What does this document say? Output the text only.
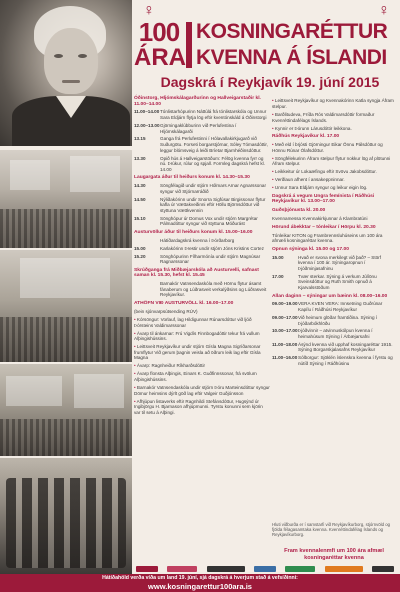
♀	♀
100
ÁRA
KOSNINGARÉTTUR
KVENNA Á ÍSLANDI
Dagskrá í Reykjavík 19. júní 2015
Óðinstorg, Hljómskálagarðurinn og Hallveigarstaðir kl. 11.00–14.00
11.00–14.00 Tónlistarhópurinn Náttúlá frá tónlistarskóla og Unnur Sara Eldjárn flytja lög eftir kventónskáld á Óðinstorgi
12.00–13.00 Gjörningaklúbburinn við Perlufestina í Hljómskálagarði
13.15	Ganga frá Perlufestinni í Hólavallakirkjugarð við Suðurgötu. Forseti borgarstjórnar, Sóley Tómasdóttir, leggur blómsveig á leiði Bríetar Bjarnhéðinsdóttur.
13.30	Opið hús á Hallveigarstöðum: Félög kvenna fyrr og nú. Þrúkur, rúlur og spjall. Formleg dagskrá hefst kl. 14.00
Laugargata áður til heiðurs konum kl. 14.30–15.30
14.30	Söngfélagið undir stjórn Hólmars Arnar Agnarssonar syngur við Stjórnarráðið
14.50	Nýliðakórinn undir Snorra Sigfúsar Birgissonar flytur kafla úr Vættakveðinni eftir Höllu Björnsdóttur við styttuna Vættkvennin
15.10	Sönghópur úr Domus Vox undir stjórn Margrétar Pálmadóttur syngur við styttuna Móðurást
Austurvöllur áður til heiðurs konum kl. 15.00–16.00
Hátíðardagskrá kvenna í Þórðarborg
15.00	Karlakórinn Þrestir undir stjórn Jóns Kristins Cortez
15.20	Sönghópurinn Fílharmónía undir stjórn Magnúsar Ragnarssonar
Skrúðganga frá Miðbæjarskóla að Austurvelli, safnast saman kl. 15.30, hefst kl. 15.45
Barnakór Vatnsendaskóla með Hörnu flytur ásamt fánaberum og Lúðrasveit verkalýðsins og Lúðrasveit Reykjavíkur.
ATHÖFN VIÐ AUSTURVÖLL kl. 16.00–17.00
(bein sjónvarpsútsending RÚV)
• Kórsöngur: Vorlauf, lag Hildigunnar Rúnarsdóttur við ljóð Þórsteins Valdimarssonar
• Ávarp til ánkarnar: Frú Vigdís Finnbogadóttir tekur frá vullum Alþingishússins.
• Leittsveit Reykjavíkur undir stjórn Gísla Magna Sigríðarsonar frumflytur Við gerum þagnin veisla að öðrum leik lag eftir Gísla Magna
• Ávarp: Ragnheiður Ríkharðsdóttir
• Ávarp flonsta Alþingis, Einars K. Guðfinnssonar, frá svölum Alþingishússins.
• Barnakór Vatnsendaskóla undir stjórn Þóru Marteinsdóttur syngur Dömur heimsins dýrlt göð lag eftir Valgeir Guðjónsson
• Afhjúpun listaverks eftir Ragnhildi Stefánsdóttur, Hugsýnd úr Ingibjörgu H. Bjarnason afhjúpmunni. Tyrstu konunni sem kjörin var til setu á Alþingi.
• Leittsveit Reykjavíkur og Kvennakórinn Katla syngja Áfram stelpur.
• Barðlitudeva, Fríða Rós Valdimarsdóttir formaður Kvenréttindafélags Íslands.
• Kynnir er Þórunn Lárusdóttir leikkona.
Ráðhús Reykjavíkur kl. 17.00
• Með eld í brjósti Gjörningur Eikar Önnu Pálsdóttur og Hönnu Rúnar Ólafsdóttur.
• Söngfélekurinn Áfram stelpur flytur nokkur lög af plötunni Áfram stelpur.
• Leikkeitur úr Lokaæfingu eftir Svövu Jakobsdóttur.
• Verðlaun afhent í ansakeppninnar.
• Unnur Sara Eldjárn syngur og leikur eigin lög.
Dagskrá á vegum Ungra femínista í Ráðhúsi Reykjavíkur kl. 13.00–17.00
Guðsþjónusta kl. 20.00
Kvennamessa Kvennakirkjunnar á Klambratúni
Hörund ábekktar – tónleikar í Hörpu kl. 20.30
Tónleikar KITON og Frambrennsluhúseins um 100 ára afmæli kosningaréttar kvenna.
Opnun sýninga kl. 15.00 og 17.00
15.00	Hvað er svona merkilegt við það? – Störf kvenna í 100 ár. Sýningaropnun í Þjóðminjasafninu
17.00	Tvær sterkar. Sýning á verkum Júlíönu Sveinsdóttur og Ruth Smith opnuð á Kjarvalsstöðum
Allan daginn – sýningar um bæinn kl. 08.00–16.00
09.00–19.00 VERA KVEN VERA: Innsetning Guðrúnar Kapílu í Ráðhúsi Reykjavíkur
09.00–17.00 Við heimum glöðar framtíðina. Sýning í Þjóðarbókhlöðu
10.00–17.00 Þjóðvinnir – atvinnuskólpun kvenna í heimahúsum Sýning í Árbæjarsafni
11.00–18.00 Ásýnd kvenna við upphaf kosningaréttar 1915. Sýning Borgarskjalasafns Reykjavíkur
11.00–16.00 Sólborgur: Sjöklén íslenskra kvenna í fyrstu og nútíð Sýning í Ráðhúsinu
Hluti viðburða er í samstarfi við Reykjavíkurborg, stjórnvöld og fjölda félagasamtaka kvenna. Kvenréttindafélag Íslands og Reykjavíkurborg.
Fram kvennalenmfi um 100 ára afmæl kosningaréttar kvenna
Hátíðahöld verða víða um land 19. júní, sjá dagskrá á hverjum stað á vefsíðinni:
www.kosningarettur100ara.is
